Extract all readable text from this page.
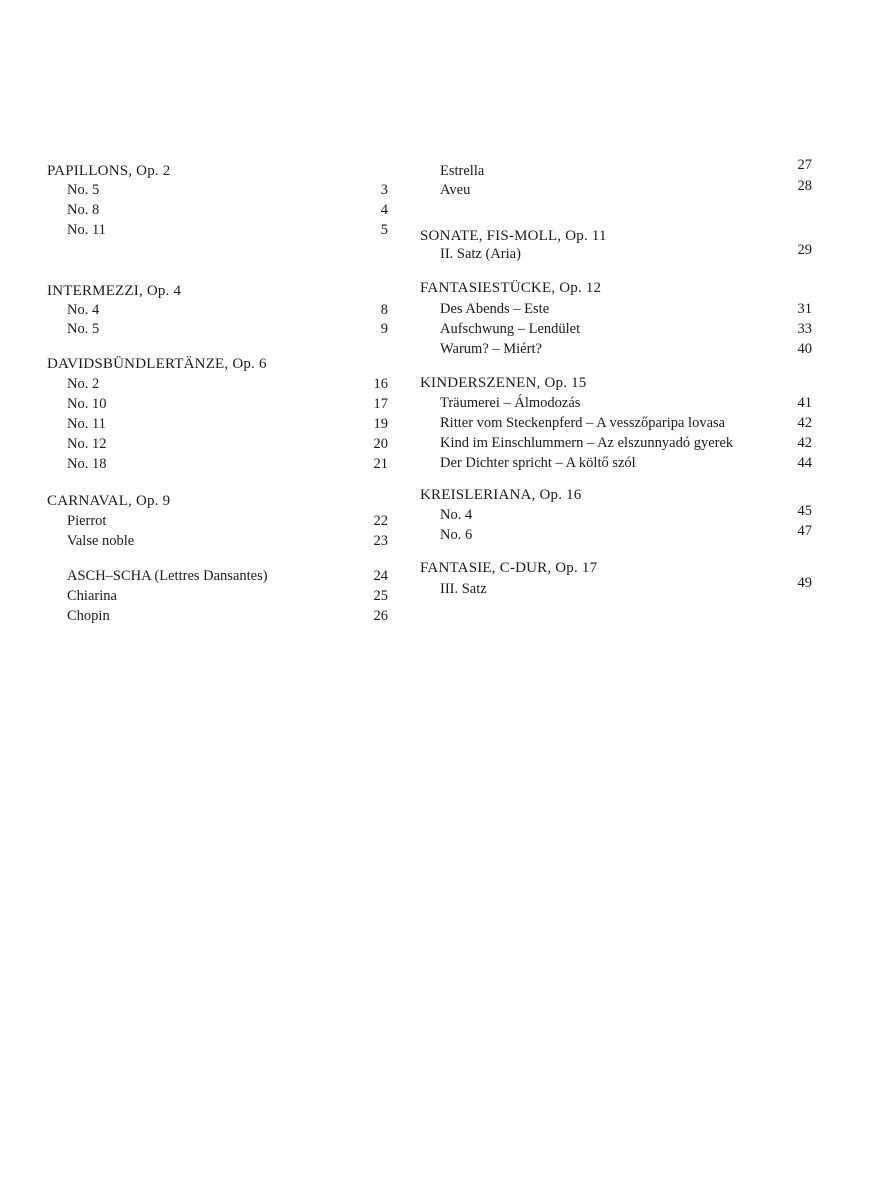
PAPILLONS, Op. 2
No. 5	3
No. 8	4
No. 11	5
INTERMEZZI, Op. 4
No. 4	8
No. 5	9
DAVIDSBÜNDLERTÄNZE, Op. 6
No. 2	16
No. 10	17
No. 11	19
No. 12	20
No. 18	21
CARNAVAL, Op. 9
Pierrot	22
Valse noble	23
ASCH–SCHA (Lettres Dansantes)	24
Chiarina	25
Chopin	26
Estrella	27
Aveu	28
SONATE, FIS-MOLL, Op. 11
II. Satz (Aria)	29
FANTASIESTÜCKE, Op. 12
Des Abends – Este	31
Aufschwung – Lendület	33
Warum? – Miért?	40
KINDERSZENEN, Op. 15
Träumerei – Álmodozás	41
Ritter vom Steckenpferd – A vesszőparipa lovasa	42
Kind im Einschlummern – Az elszunnyadó gyerek	42
Der Dichter spricht – A költő szól	44
KREISLERIANA, Op. 16
No. 4	45
No. 6	47
FANTASIE, C-DUR, Op. 17
III. Satz	49
